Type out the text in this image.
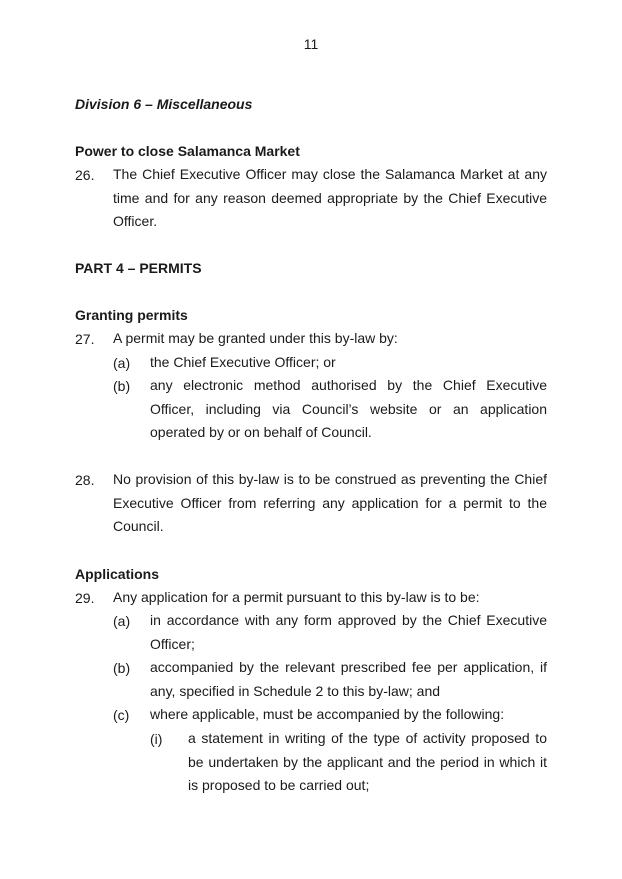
11
Division 6 – Miscellaneous
Power to close Salamanca Market
26. The Chief Executive Officer may close the Salamanca Market at any time and for any reason deemed appropriate by the Chief Executive Officer.
PART 4 – PERMITS
Granting permits
27. A permit may be granted under this by-law by:
(a) the Chief Executive Officer; or
(b) any electronic method authorised by the Chief Executive Officer, including via Council’s website or an application operated by or on behalf of Council.
28. No provision of this by-law is to be construed as preventing the Chief Executive Officer from referring any application for a permit to the Council.
Applications
29. Any application for a permit pursuant to this by-law is to be:
(a) in accordance with any form approved by the Chief Executive Officer;
(b) accompanied by the relevant prescribed fee per application, if any, specified in Schedule 2 to this by-law; and
(c) where applicable, must be accompanied by the following:
(i) a statement in writing of the type of activity proposed to be undertaken by the applicant and the period in which it is proposed to be carried out;
